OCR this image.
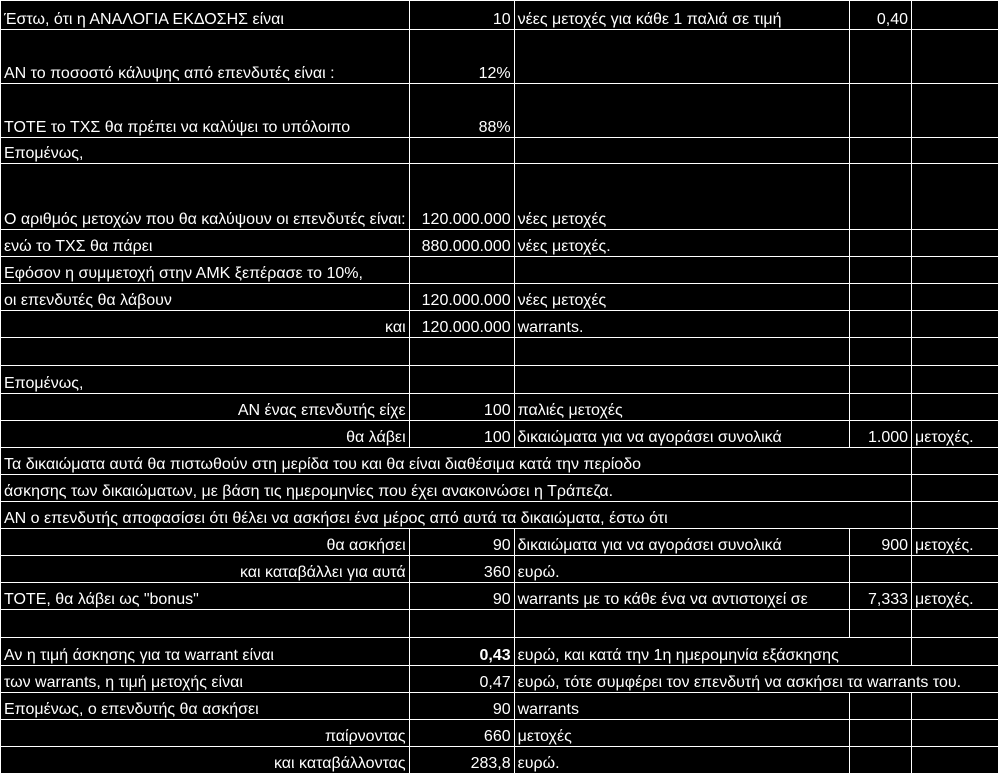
Έστω, ότι η ΑΝΑΛΟΓΙΑ ΕΚΔΟΣΗΣ είναι	10	νέες μετοχές για κάθε 1 παλιά σε τιμή	0,40	
ΑΝ το ποσοστό κάλυψης από επενδυτές είναι :	12%			
ΤΟΤΕ το ΤΧΣ θα πρέπει να καλύψει το υπόλοιπο	88%			
Επομένως,				
Ο αριθμός μετοχών που θα καλύψουν οι επενδυτές είναι:	120.000.000	νέες μετοχές		
ενώ το ΤΧΣ θα πάρει	880.000.000	νέες μετοχές.		
Εφόσον η συμμετοχή στην ΑΜΚ ξεπέρασε το 10%,				
οι επενδυτές θα λάβουν	120.000.000	νέες μετοχές		
και	120.000.000	warrants.		

Επομένως,				
ΑΝ ένας επενδυτής είχε	100	παλιές μετοχές		
θα λάβει	100	δικαιώματα για να αγοράσει συνολικά	1.000	μετοχές.
Τα δικαιώματα αυτά θα πιστωθούν στη μερίδα του και θα είναι διαθέσιμα κατά την περίοδο				
άσκησης των δικαιώματων, με βάση τις ημερομηνίες που έχει ανακοινώσει η Τράπεζα.				
ΑΝ ο επενδυτής αποφασίσει ότι θέλει να ασκήσει ένα μέρος από αυτά τα δικαιώματα, έστω ότι				
θα ασκήσει	90	δικαιώματα για να αγοράσει συνολικά	900	μετοχές.
και καταβάλλει για αυτά	360	ευρώ.		
ΤΟΤΕ, θα λάβει ως "bonus"	90	warrants με το κάθε ένα να αντιστοιχεί σε	7,333	μετοχές.

Αν η τιμή άσκησης για τα warrant είναι	0,43	ευρώ, και κατά την 1η ημερομηνία εξάσκησης		
των warrants, η τιμή μετοχής είναι	0,47	ευρώ, τότε συμφέρει τον επενδυτή να ασκήσει τα warrants του.		
Επομένως, ο επενδυτής θα ασκήσει	90	warrants		
παίρνοντας	660	μετοχές		
και καταβάλλοντας	283,8	ευρώ.		
